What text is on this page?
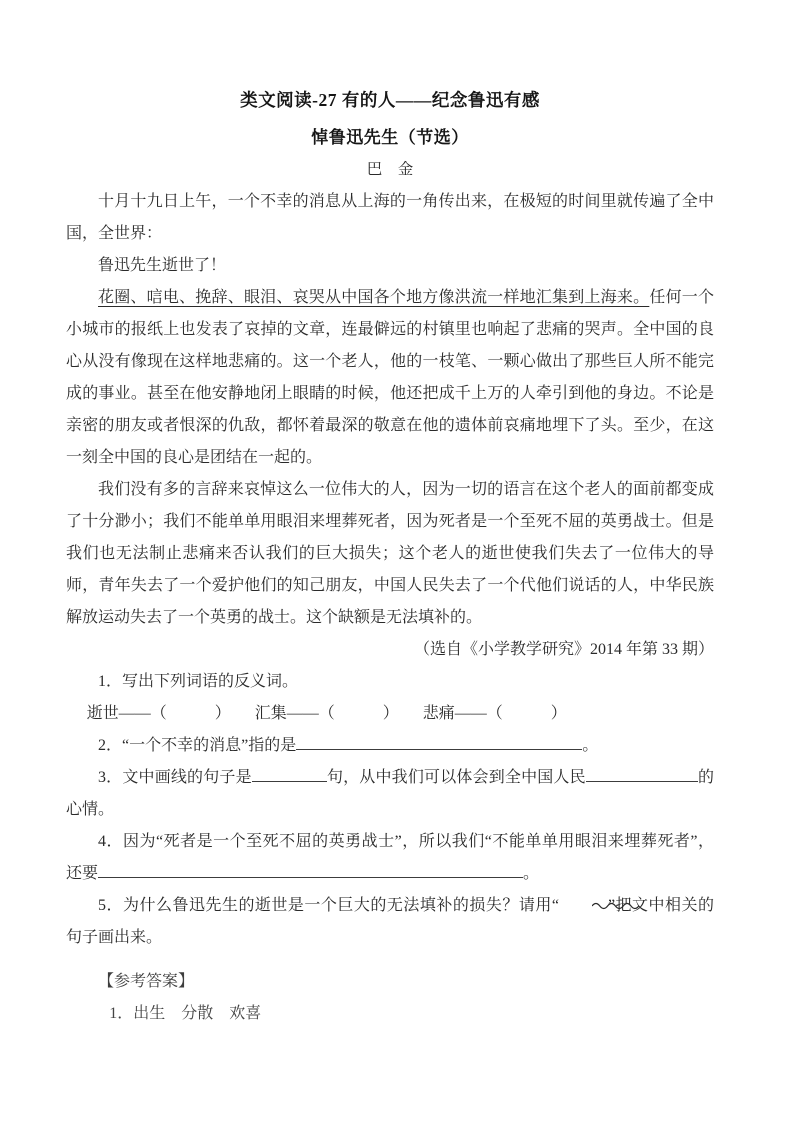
类文阅读-27 有的人——纪念鲁迅有感
悼鲁迅先生（节选）
巴　金

十月十九日上午，一个不幸的消息从上海的一角传出来，在极短的时间里就传遍了全中国，全世界：

鲁迅先生逝世了！

花圈、唁电、挽辞、眼泪、哀哭从中国各个地方像洪流一样地汇集到上海来。任何一个小城市的报纸上也发表了哀掉的文章，连最僻远的村镇里也响起了悲痛的哭声。全中国的良心从没有像现在这样地悲痛的。这一个老人，他的一枝笔、一颗心做出了那些巨人所不能完成的事业。甚至在他安静地闭上眼睛的时候，他还把成千上万的人牵引到他的身边。不论是亲密的朋友或者恨深的仇敌，都怀着最深的敬意在他的遗体前哀痛地埋下了头。至少，在这一刻全中国的良心是团结在一起的。

我们没有多的言辞来哀悼这么一位伟大的人，因为一切的语言在这个老人的面前都变成了十分渺小；我们不能单单用眼泪来埋葬死者，因为死者是一个至死不屈的英勇战士。但是我们也无法制止悲痛来否认我们的巨大损失；这个老人的逝世使我们失去了一位伟大的导师，青年失去了一个爱护他们的知己朋友，中国人民失去了一个代他们说话的人，中华民族解放运动失去了一个英勇的战士。这个缺额是无法填补的。

（选自《小学教学研究》2014 年第 33 期）

1．写出下列词语的反义词。

逝世——（　　　）　　汇集——（　　　）　　悲痛——（　　　）

2．“一个不幸的消息”指的是	。

3．文中画线的句子是	句，从中我们可以体会到全中国人民	的

心情。

4．因为“死者是一个至死不屈的英勇战士”，所以我们“不能单单用眼泪来埋葬死者”，

还要	。

5．为什么鲁迅先生的逝世是一个巨大的无法填补的损失？请用“	”把文中相关的

句子画出来。

【参考答案】

1．出生　分散　欢喜
